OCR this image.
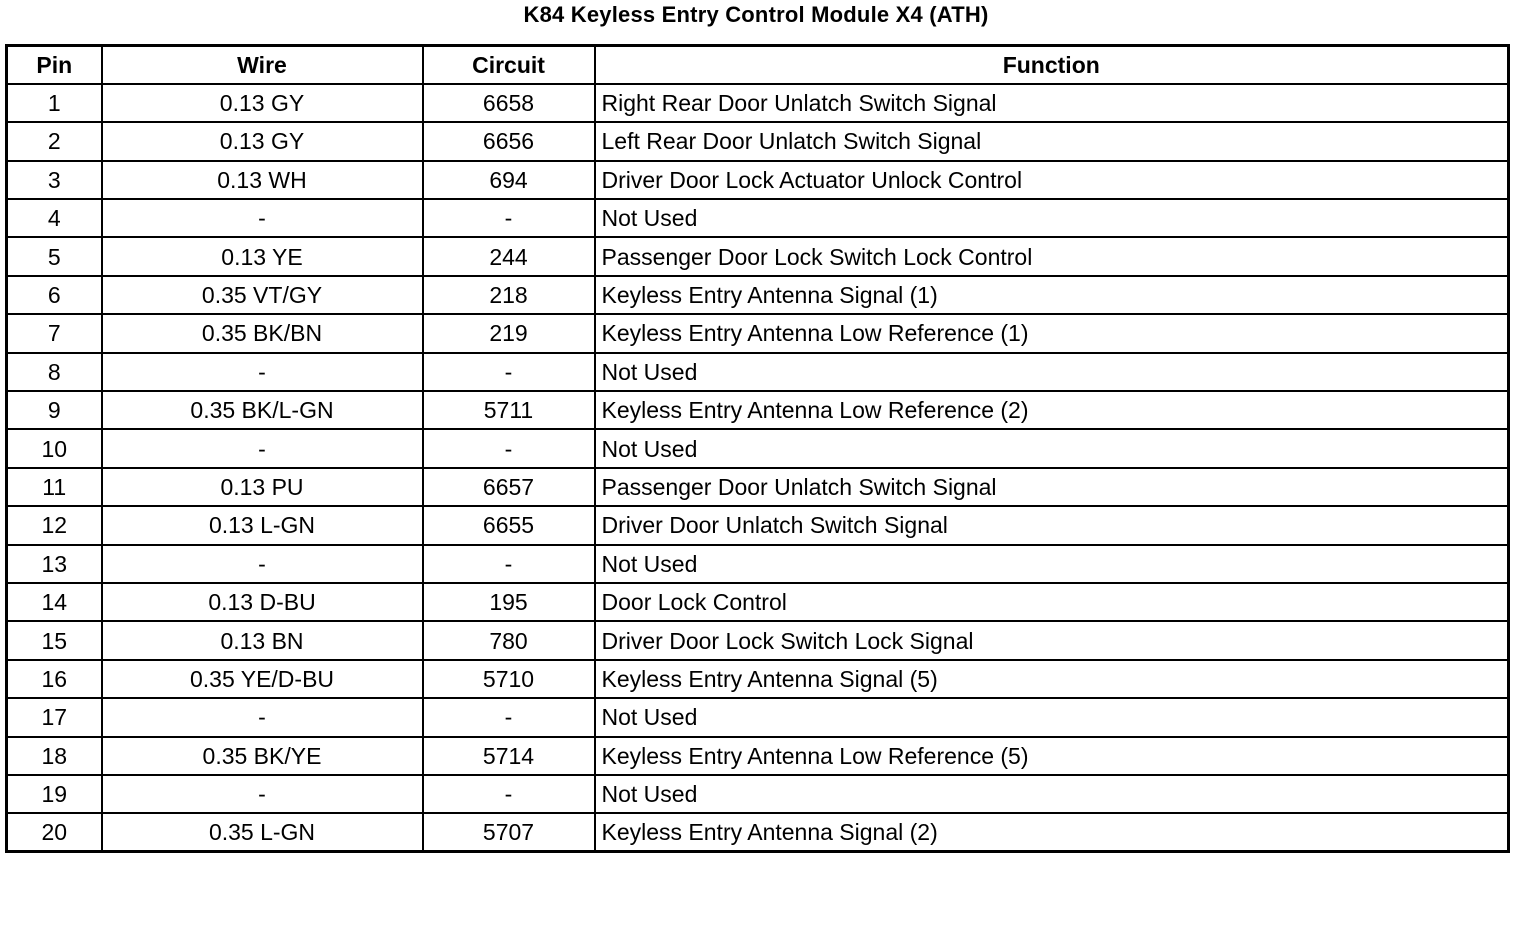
K84 Keyless Entry Control Module X4 (ATH)
Pin	Wire	Circuit	Function
1	0.13 GY	6658	Right Rear Door Unlatch Switch Signal
2	0.13 GY	6656	Left Rear Door Unlatch Switch Signal
3	0.13 WH	694	Driver Door Lock Actuator Unlock Control
4	-	-	Not Used
5	0.13 YE	244	Passenger Door Lock Switch Lock Control
6	0.35 VT/GY	218	Keyless Entry Antenna Signal (1)
7	0.35 BK/BN	219	Keyless Entry Antenna Low Reference (1)
8	-	-	Not Used
9	0.35 BK/L-GN	5711	Keyless Entry Antenna Low Reference (2)
10	-	-	Not Used
11	0.13 PU	6657	Passenger Door Unlatch Switch Signal
12	0.13 L-GN	6655	Driver Door Unlatch Switch Signal
13	-	-	Not Used
14	0.13 D-BU	195	Door Lock Control
15	0.13 BN	780	Driver Door Lock Switch Lock Signal
16	0.35 YE/D-BU	5710	Keyless Entry Antenna Signal (5)
17	-	-	Not Used
18	0.35 BK/YE	5714	Keyless Entry Antenna Low Reference (5)
19	-	-	Not Used
20	0.35 L-GN	5707	Keyless Entry Antenna Signal (2)
